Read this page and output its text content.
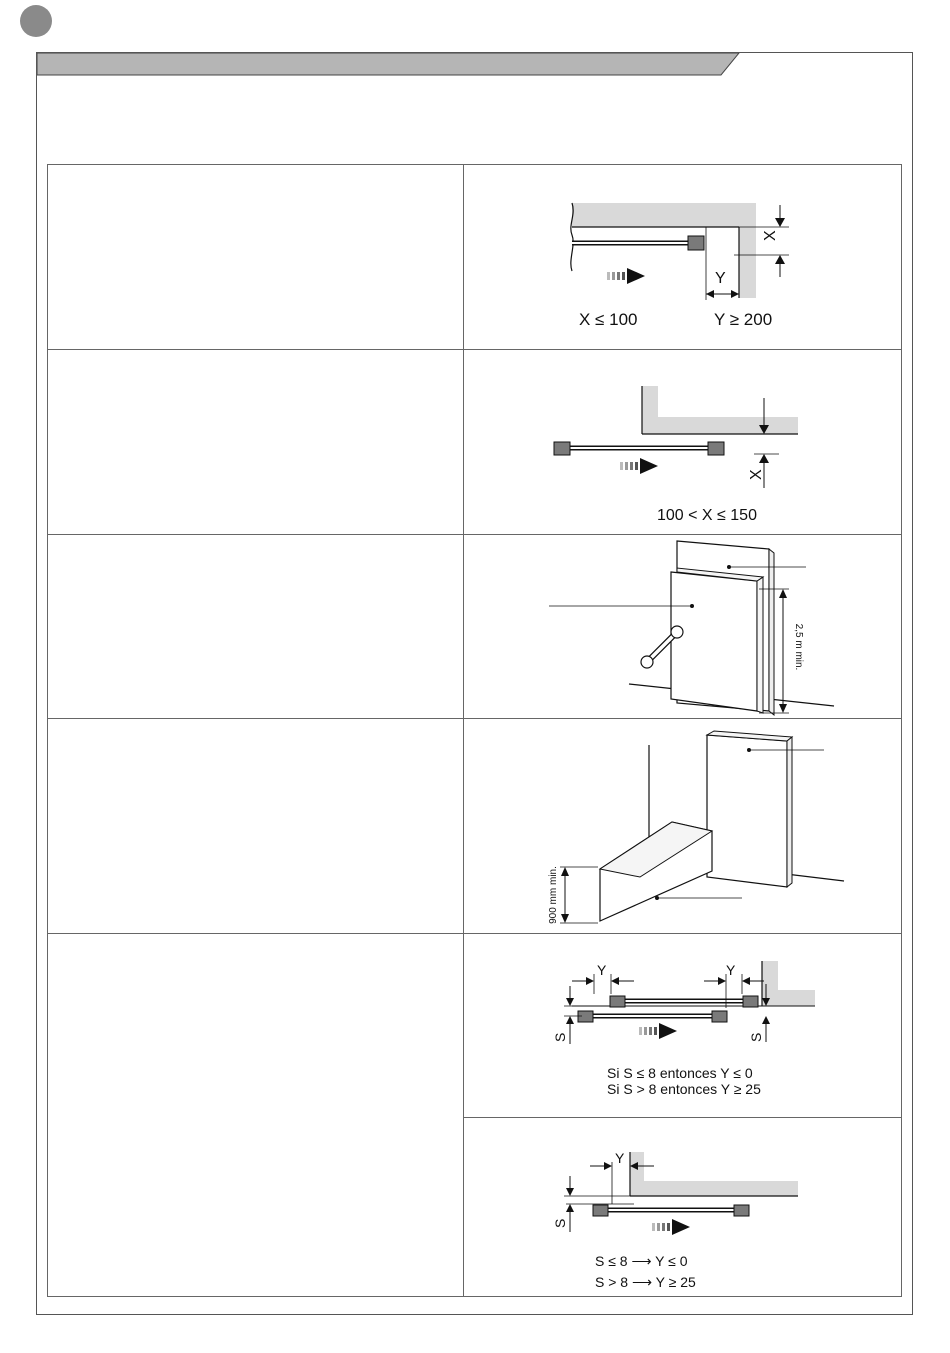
X
Y
X ≤ 100	Y ≥ 200
X
100 < X ≤ 150
2,5 m min.
900 mm min.
Y	Y
S	S
Si S ≤ 8 entonces Y ≤ 0
Si S > 8 entonces Y ≥ 25
Y
S
S ≤ 8 ⟶ Y ≤ 0
S > 8 ⟶ Y ≥ 25
